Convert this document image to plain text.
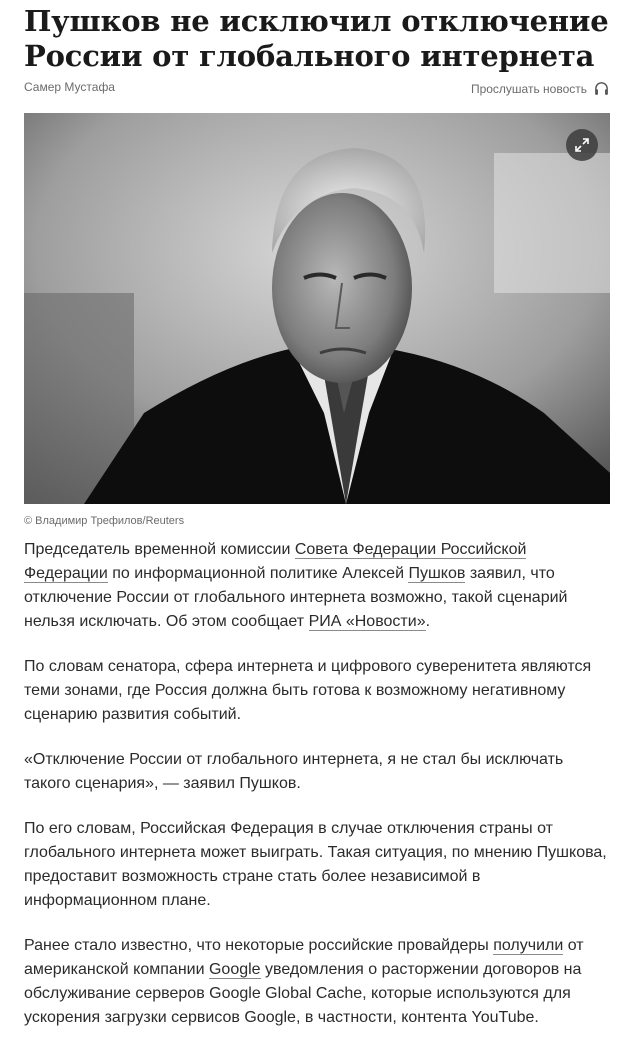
Пушков не исключил отключение России от глобального интернета
Самер Мустафа	Прослушать новость
© Владимир Трефилов/Reuters

Председатель временной комиссии Совета Федерации Российской Федерации по информационной политике Алексей Пушков заявил, что отключение России от глобального интернета возможно, такой сценарий нельзя исключать. Об этом сообщает РИА «Новости».

По словам сенатора, сфера интернета и цифрового суверенитета являются теми зонами, где Россия должна быть готова к возможному негативному сценарию развития событий.

«Отключение России от глобального интернета, я не стал бы исключать такого сценария», — заявил Пушков.

По его словам, Российская Федерация в случае отключения страны от глобального интернета может выиграть. Такая ситуация, по мнению Пушкова, предоставит возможность стране стать более независимой в информационном плане.

Ранее стало известно, что некоторые российские провайдеры получили от американской компании Google уведомления о расторжении договоров на обслуживание серверов Google Global Cache, которые используются для ускорения загрузки сервисов Google, в частности, контента YouTube.
